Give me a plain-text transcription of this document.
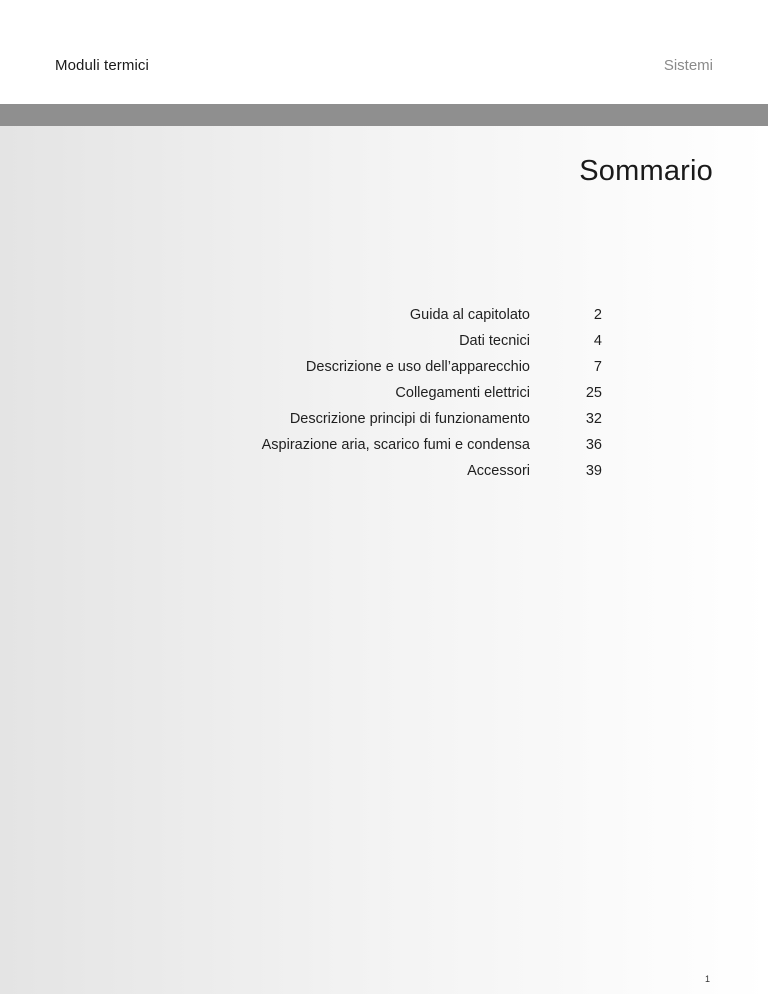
Moduli termici	Sistemi
Sommario
Guida al capitolato	2
Dati tecnici	4
Descrizione e uso dell’apparecchio	7
Collegamenti elettrici	25
Descrizione principi di funzionamento	32
Aspirazione aria, scarico fumi e condensa	36
Accessori	39
1
